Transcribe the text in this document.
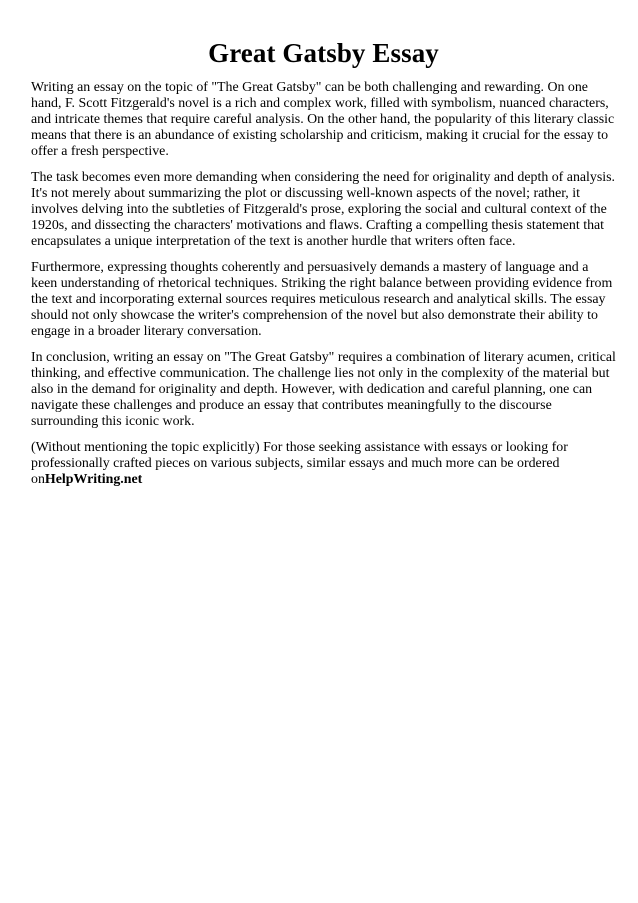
Great Gatsby Essay

Writing an essay on the topic of "The Great Gatsby" can be both challenging and rewarding. On one hand, F. Scott Fitzgerald's novel is a rich and complex work, filled with symbolism, nuanced characters, and intricate themes that require careful analysis. On the other hand, the popularity of this literary classic means that there is an abundance of existing scholarship and criticism, making it crucial for the essay to offer a fresh perspective.

The task becomes even more demanding when considering the need for originality and depth of analysis. It's not merely about summarizing the plot or discussing well-known aspects of the novel; rather, it involves delving into the subtleties of Fitzgerald's prose, exploring the social and cultural context of the 1920s, and dissecting the characters' motivations and flaws. Crafting a compelling thesis statement that encapsulates a unique interpretation of the text is another hurdle that writers often face.

Furthermore, expressing thoughts coherently and persuasively demands a mastery of language and a keen understanding of rhetorical techniques. Striking the right balance between providing evidence from the text and incorporating external sources requires meticulous research and analytical skills. The essay should not only showcase the writer's comprehension of the novel but also demonstrate their ability to engage in a broader literary conversation.

In conclusion, writing an essay on "The Great Gatsby" requires a combination of literary acumen, critical thinking, and effective communication. The challenge lies not only in the complexity of the material but also in the demand for originality and depth. However, with dedication and careful planning, one can navigate these challenges and produce an essay that contributes meaningfully to the discourse surrounding this iconic work.

(Without mentioning the topic explicitly) For those seeking assistance with essays or looking for professionally crafted pieces on various subjects, similar essays and much more can be ordered onHelpWriting.net
